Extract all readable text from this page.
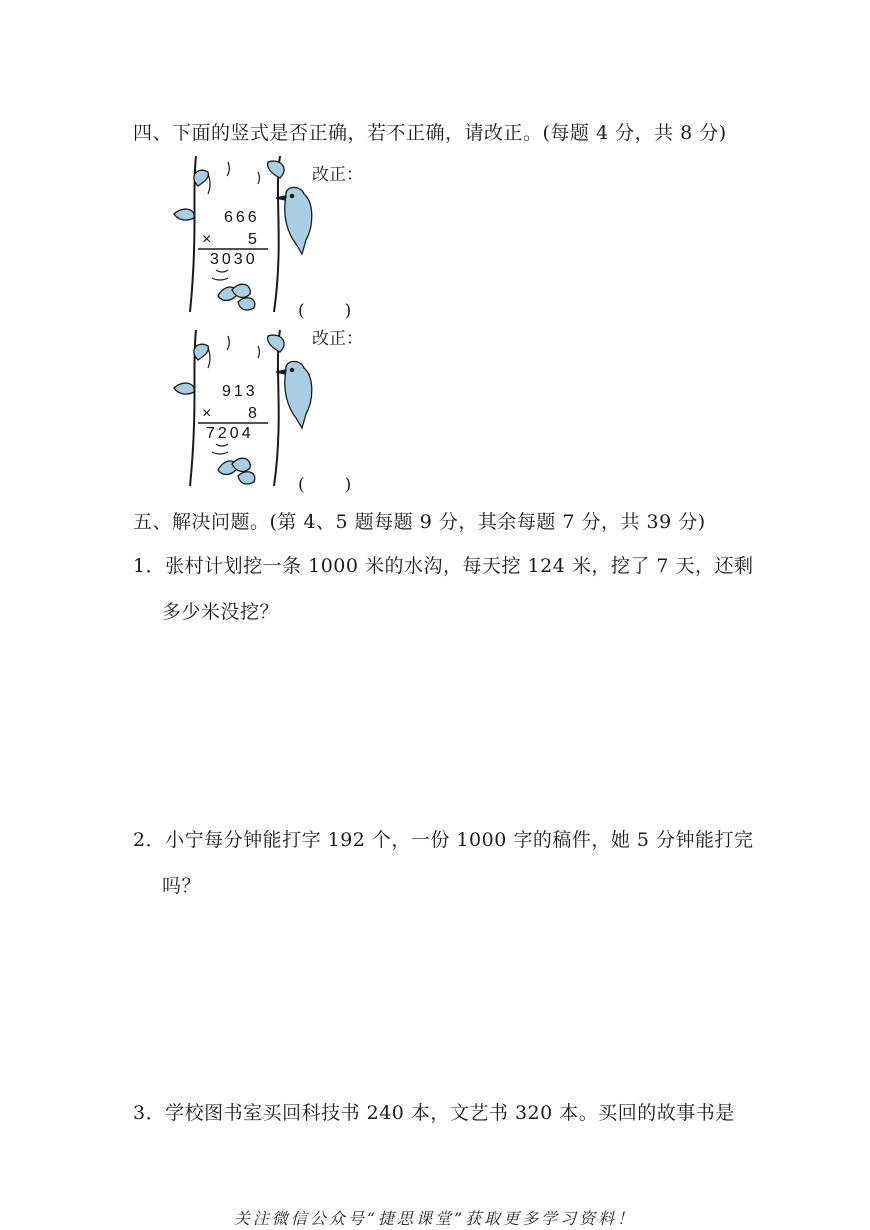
四、下面的竖式是否正确，若不正确，请改正。(每题 4 分，共 8 分)
666
× 5
3030
改正：
(　　)
913
× 8
7204
改正：
(　　)
五、解决问题。(第 4、5 题每题 9 分，其余每题 7 分，共 39 分)
1．张村计划挖一条 1000 米的水沟，每天挖 124 米，挖了 7 天，还剩
多少米没挖？
2．小宁每分钟能打字 192 个，一份 1000 字的稿件，她 5 分钟能打完
吗？
3．学校图书室买回科技书 240 本，文艺书 320 本。买回的故事书是
关注微信公众号“捷思课堂”获取更多学习资料！
